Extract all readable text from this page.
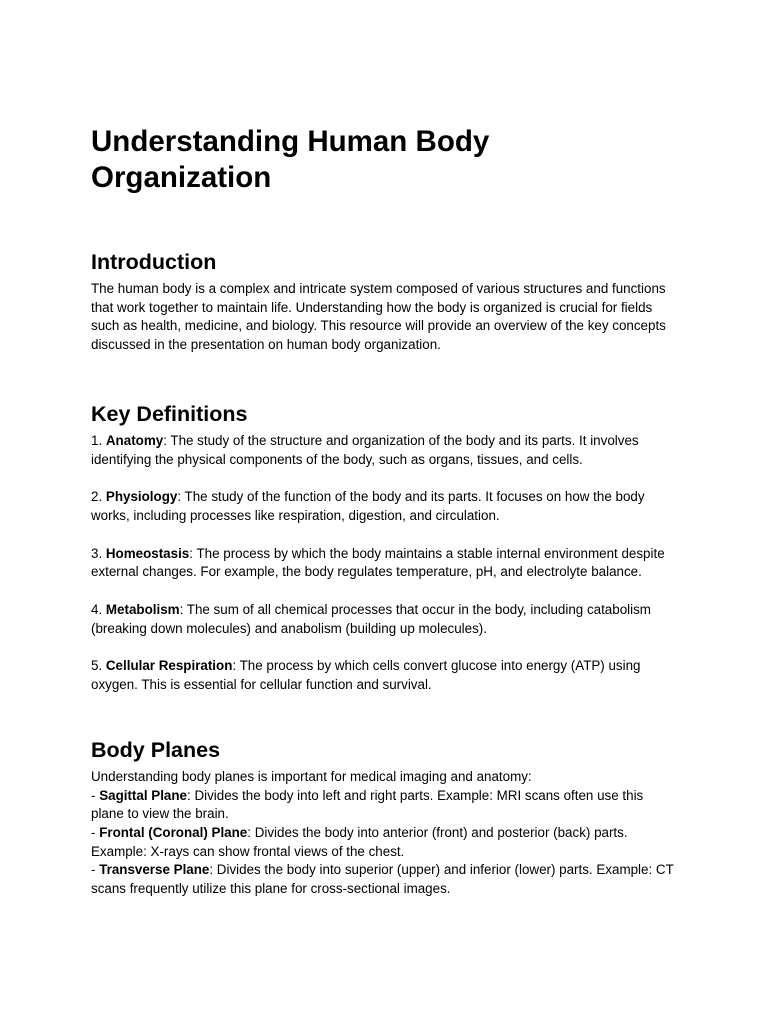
Understanding Human Body Organization
Introduction

The human body is a complex and intricate system composed of various structures and functions that work together to maintain life. Understanding how the body is organized is crucial for fields such as health, medicine, and biology. This resource will provide an overview of the key concepts discussed in the presentation on human body organization.

Key Definitions

1. Anatomy: The study of the structure and organization of the body and its parts. It involves identifying the physical components of the body, such as organs, tissues, and cells.

2. Physiology: The study of the function of the body and its parts. It focuses on how the body works, including processes like respiration, digestion, and circulation.

3. Homeostasis: The process by which the body maintains a stable internal environment despite external changes. For example, the body regulates temperature, pH, and electrolyte balance.

4. Metabolism: The sum of all chemical processes that occur in the body, including catabolism (breaking down molecules) and anabolism (building up molecules).

5. Cellular Respiration: The process by which cells convert glucose into energy (ATP) using oxygen. This is essential for cellular function and survival.

Body Planes

Understanding body planes is important for medical imaging and anatomy:

- Sagittal Plane: Divides the body into left and right parts. Example: MRI scans often use this plane to view the brain.

- Frontal (Coronal) Plane: Divides the body into anterior (front) and posterior (back) parts. Example: X-rays can show frontal views of the chest.

- Transverse Plane: Divides the body into superior (upper) and inferior (lower) parts. Example: CT scans frequently utilize this plane for cross-sectional images.
